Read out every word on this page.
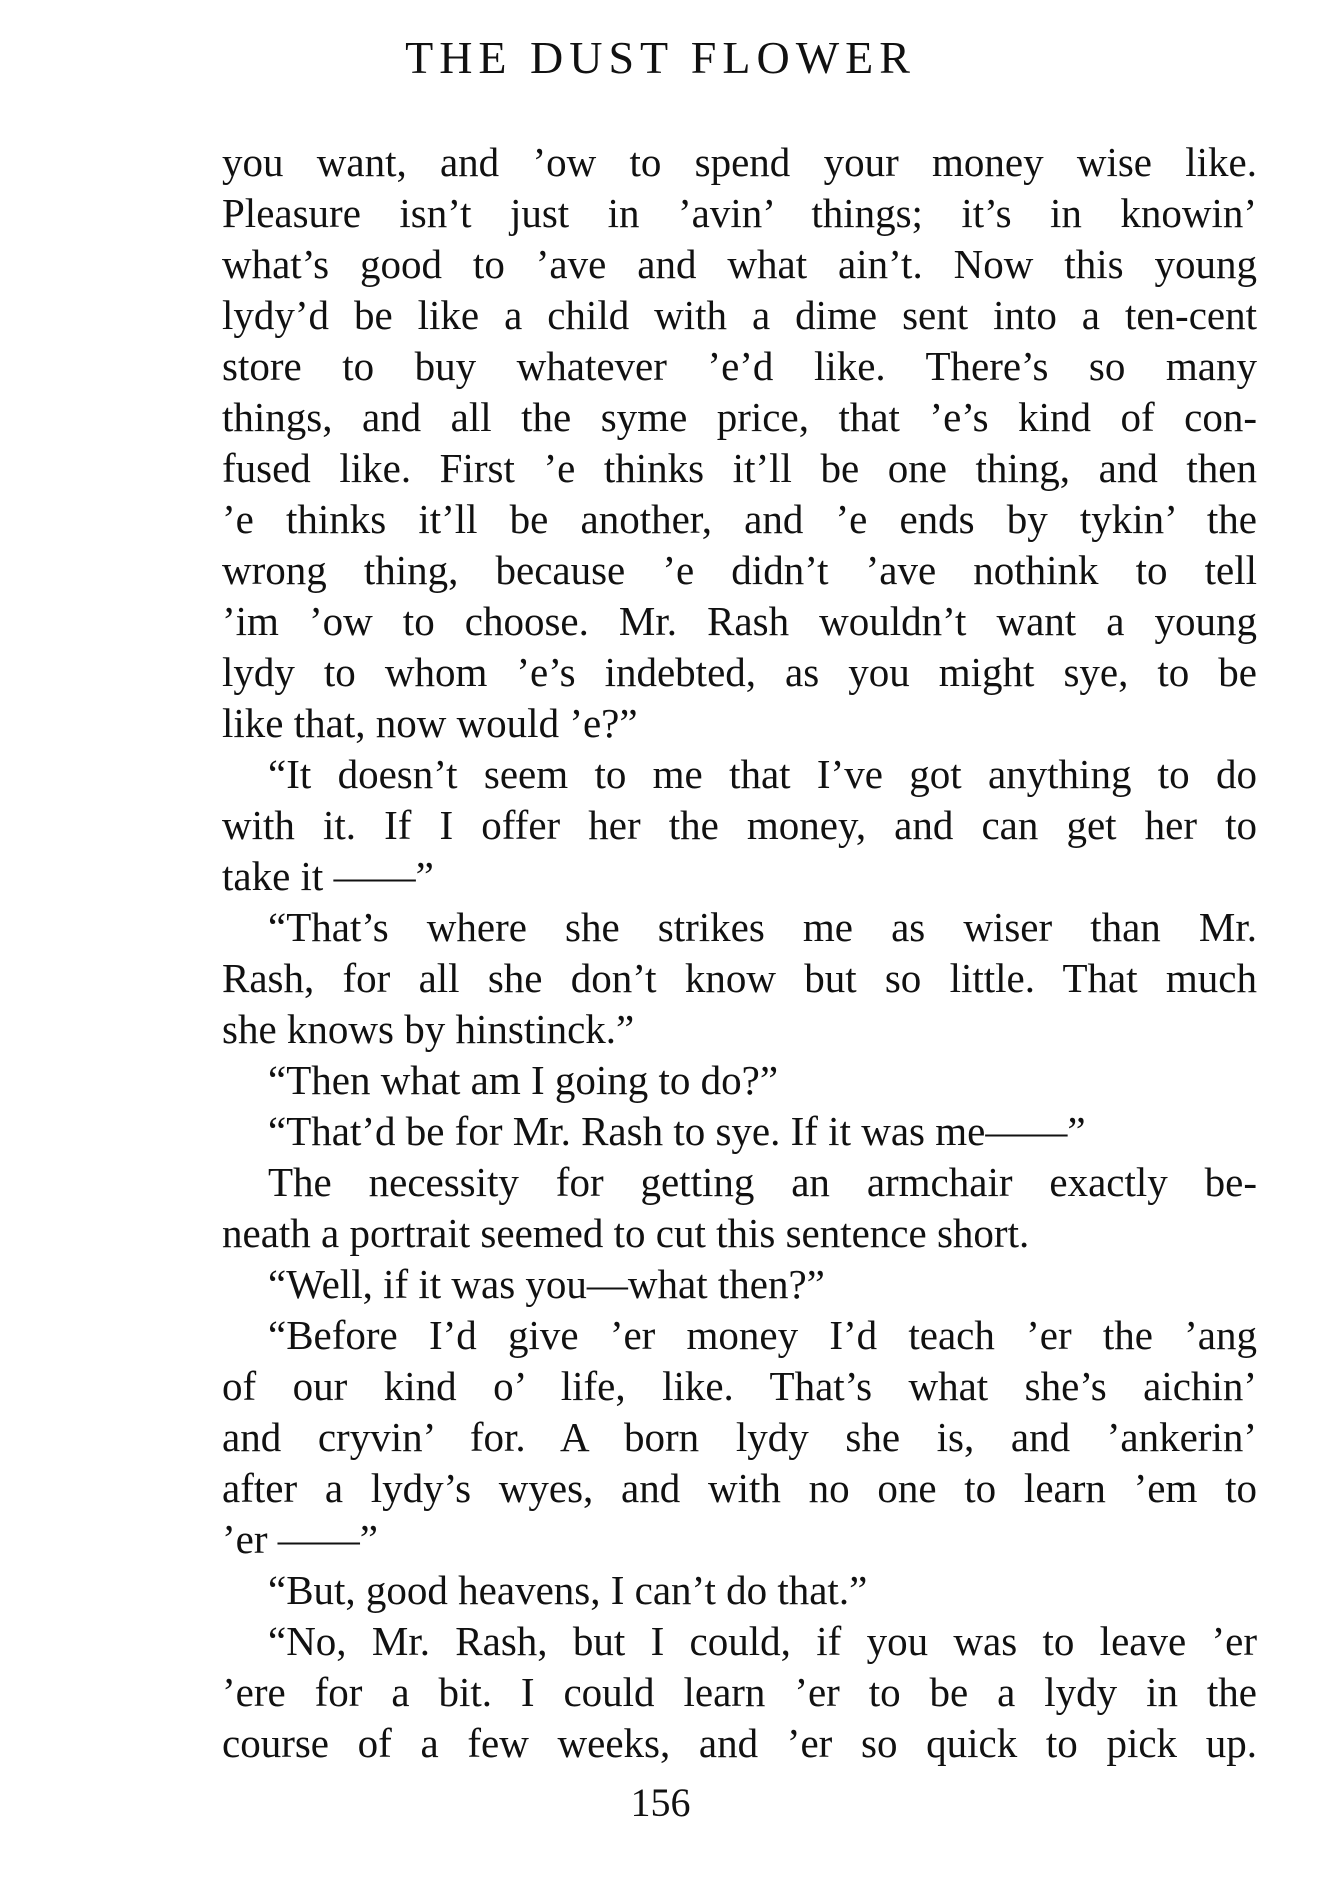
THE DUST FLOWER
you want, and ’ow to spend your money wise like.
Pleasure isn’t just in ’avin’ things; it’s in knowin’
what’s good to ’ave and what ain’t. Now this young
lydy’d be like a child with a dime sent into a ten-cent
store to buy whatever ’e’d like. There’s so many
things, and all the syme price, that ’e’s kind of con-
fused like. First ’e thinks it’ll be one thing, and then
’e thinks it’ll be another, and ’e ends by tykin’ the
wrong thing, because ’e didn’t ’ave nothink to tell
’im ’ow to choose. Mr. Rash wouldn’t want a young
lydy to whom ’e’s indebted, as you might sye, to be
like that, now would ’e?”
“It doesn’t seem to me that I’ve got anything to do
with it. If I offer her the money, and can get her to
take it ——”
“That’s where she strikes me as wiser than Mr.
Rash, for all she don’t know but so little. That much
she knows by hinstinck.”
“Then what am I going to do?”
“That’d be for Mr. Rash to sye. If it was me——”
The necessity for getting an armchair exactly be-
neath a portrait seemed to cut this sentence short.
“Well, if it was you—what then?”
“Before I’d give ’er money I’d teach ’er the ’ang
of our kind o’ life, like. That’s what she’s aichin’
and cryvin’ for. A born lydy she is, and ’ankerin’
after a lydy’s wyes, and with no one to learn ’em to
’er ——”
“But, good heavens, I can’t do that.”
“No, Mr. Rash, but I could, if you was to leave ’er
’ere for a bit. I could learn ’er to be a lydy in the
course of a few weeks, and ’er so quick to pick up.
156
